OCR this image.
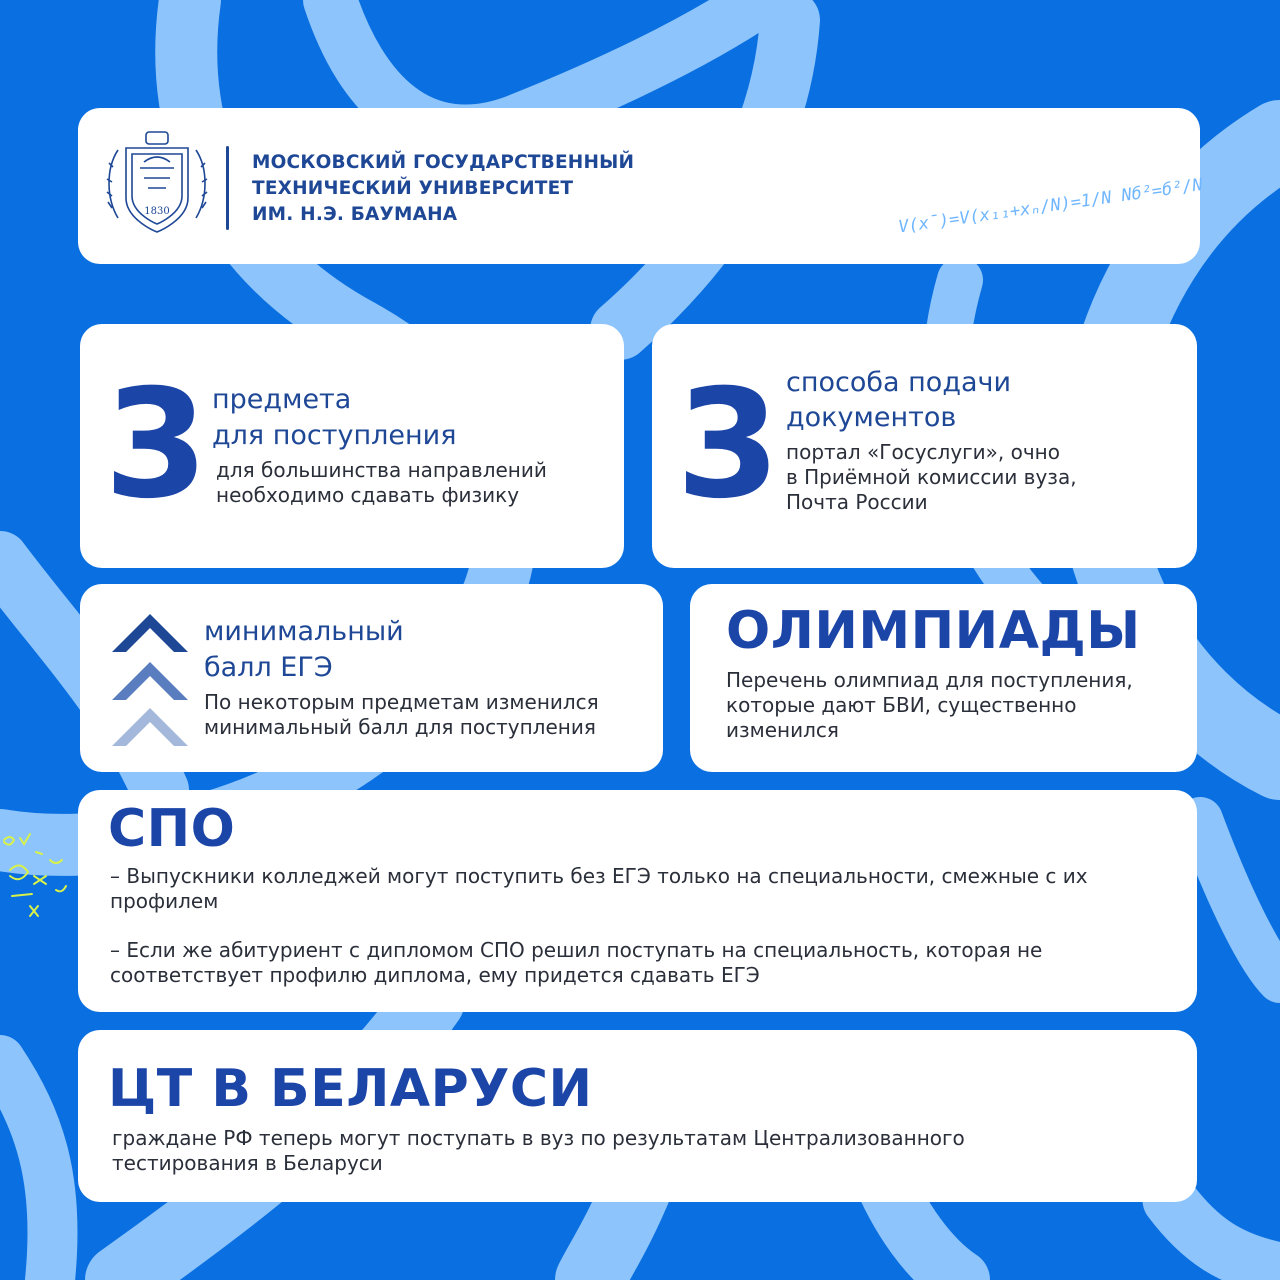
1830
МОСКОВСКИЙ ГОСУДАРСТВЕННЫЙ
ТЕХНИЧЕСКИЙ УНИВЕРСИТЕТ
ИМ. Н.Э. БАУМАНА	V(x̄)=V(x₁₁+xₙ/N)=1/N Nб²=б²/N
3 предмета
для поступления
для большинства направлений
необходимо сдавать физику 3 способа подачи
документов
портал «Госуслуги», очно
в Приёмной комиссии вуза,
Почта России
минимальный
балл ЕГЭ
По некоторым предметам изменился
минимальный балл для поступления
ОЛИМПИАДЫ
Перечень олимпиад для поступления,
которые дают БВИ, существенно
изменился
СПО
– Выпускники колледжей могут поступить без ЕГЭ только на специальности, смежные с их
профилем
– Если же абитуриент с дипломом СПО решил поступать на специальность, которая не
соответствует профилю диплома, ему придется сдавать ЕГЭ
ЦТ В БЕЛАРУСИ
граждане РФ теперь могут поступать в вуз по результатам Централизованного
тестирования в Беларуси
